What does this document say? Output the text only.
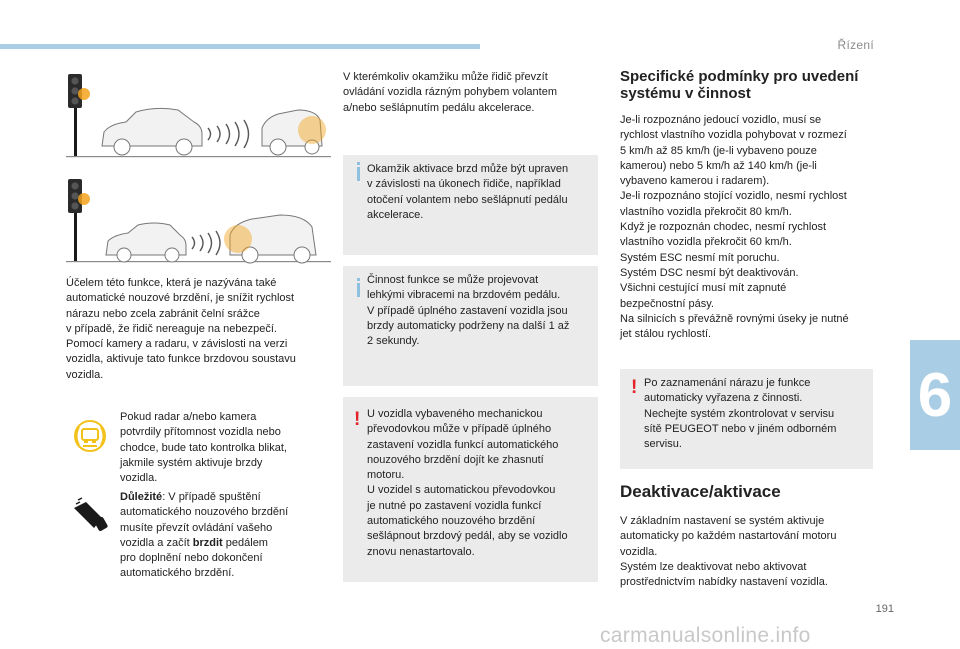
Řízení

Účelem této funkce, která je nazývána také
automatické nouzové brzdění, je snížit rychlost
nárazu nebo zcela zabránit čelní srážce
v případě, že řidič nereaguje na nebezpečí.
Pomocí kamery a radaru, v závislosti na verzi
vozidla, aktivuje tato funkce brzdovou soustavu
vozidla.

Pokud radar a/nebo kamera
potvrdily přítomnost vozidla nebo
chodce, bude tato kontrolka blikat,
jakmile systém aktivuje brzdy
vozidla.

Důležité: V případě spuštění
automatického nouzového brzdění
musíte převzít ovládání vašeho
vozidla a začít brzdit pedálem
pro doplnění nebo dokončení
automatického brzdění.

V kterémkoliv okamžiku může řidič převzít
ovládání vozidla rázným pohybem volantem
a/nebo sešlápnutím pedálu akcelerace.

Okamžik aktivace brzd může být upraven
v závislosti na úkonech řidiče, například
otočení volantem nebo sešlápnutí pedálu
akcelerace.

Činnost funkce se může projevovat
lehkými vibracemi na brzdovém pedálu.
V případě úplného zastavení vozidla jsou
brzdy automaticky podrženy na další 1 až
2 sekundy.

! U vozidla vybaveného mechanickou
převodovkou může v případě úplného
zastavení vozidla funkcí automatického
nouzového brzdění dojít ke zhasnutí
motoru.
U vozidel s automatickou převodovkou
je nutné po zastavení vozidla funkcí
automatického nouzového brzdění
sešlápnout brzdový pedál, aby se vozidlo
znovu nenastartovalo.

Specifické podmínky pro uvedení
systému v činnost

Je-li rozpoznáno jedoucí vozidlo, musí se
rychlost vlastního vozidla pohybovat v rozmezí
5 km/h až 85 km/h (je-li vybaveno pouze
kamerou) nebo 5 km/h až 140 km/h (je-li
vybaveno kamerou i radarem).
Je-li rozpoznáno stojící vozidlo, nesmí rychlost
vlastního vozidla překročit 80 km/h.
Když je rozpoznán chodec, nesmí rychlost
vlastního vozidla překročit 60 km/h.
Systém ESC nesmí mít poruchu.
Systém DSC nesmí být deaktivován.
Všichni cestující musí mít zapnuté
bezpečnostní pásy.
Na silnicích s převážně rovnými úseky je nutné
jet stálou rychlostí.

! Po zaznamenání nárazu je funkce
automaticky vyřazena z činnosti.
Nechejte systém zkontrolovat v servisu
sítě PEUGEOT nebo v jiném odborném
servisu.

Deaktivace/aktivace

V základním nastavení se systém aktivuje
automaticky po každém nastartování motoru
vozidla.
Systém lze deaktivovat nebo aktivovat
prostřednictvím nabídky nastavení vozidla.

6
191
carmanualsonline.info
